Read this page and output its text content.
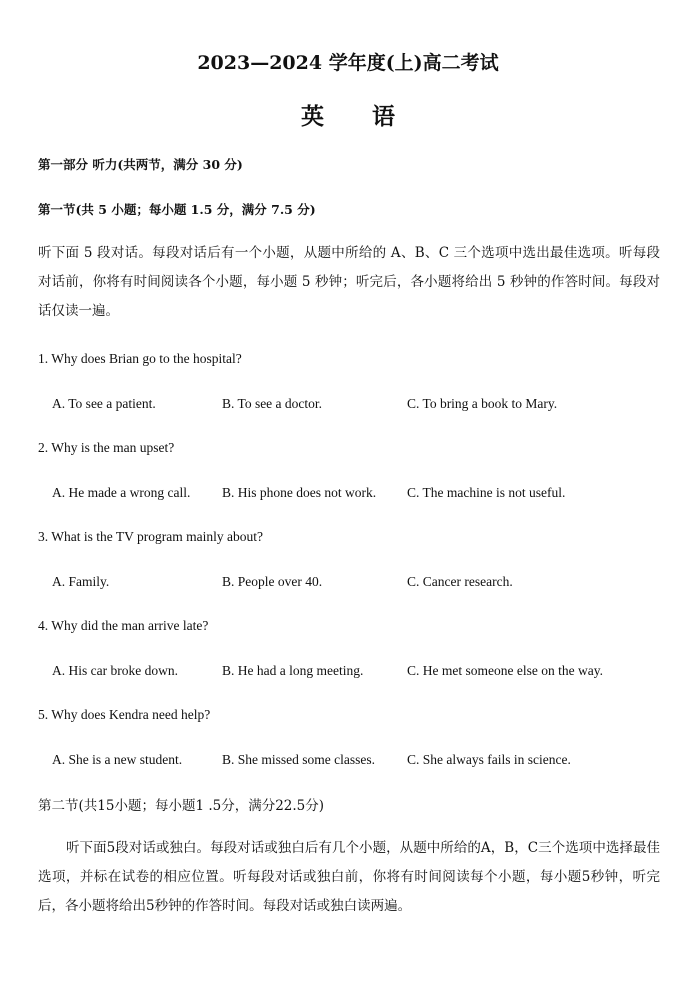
2023—2024 学年度(上)高二考试
英 语
第一部分 听力(共两节，满分 30 分)
第一节(共 5 小题；每小题 1.5 分，满分 7.5 分)
听下面 5 段对话。每段对话后有一个小题，从题中所给的 A、B、C 三个选项中选出最佳选项。听每段对话前，你将有时间阅读各个小题，每小题 5 秒钟；听完后，各小题将给出 5 秒钟的作答时间。每段对话仅读一遍。
1. Why does Brian go to the hospital?
A. To see a patient.	B. To see a doctor.	C. To bring a book to Mary.
2. Why is the man upset?
A. He made a wrong call. B. His phone does not work. C. The machine is not useful.
3. What is the TV program mainly about?
A. Family.	B. People over 40.	C. Cancer research.
4. Why did the man arrive late?
A. His car broke down.	B. He had a long meeting.	C. He met someone else on the way.
5. Why does Kendra need help?
A. She is a new student.	B. She missed some classes. C. She always fails in science.
第二节(共15小题；每小题1 .5分，满分22.5分)
听下面5段对话或独白。每段对话或独白后有几个小题，从题中所给的A，B，C三个选项中选择最佳选项，并标在试卷的相应位置。听每段对话或独白前，你将有时间阅读每个小题，每小题5秒钟，听完后，各小题将给出5秒钟的作答时间。每段对话或独白读两遍。
